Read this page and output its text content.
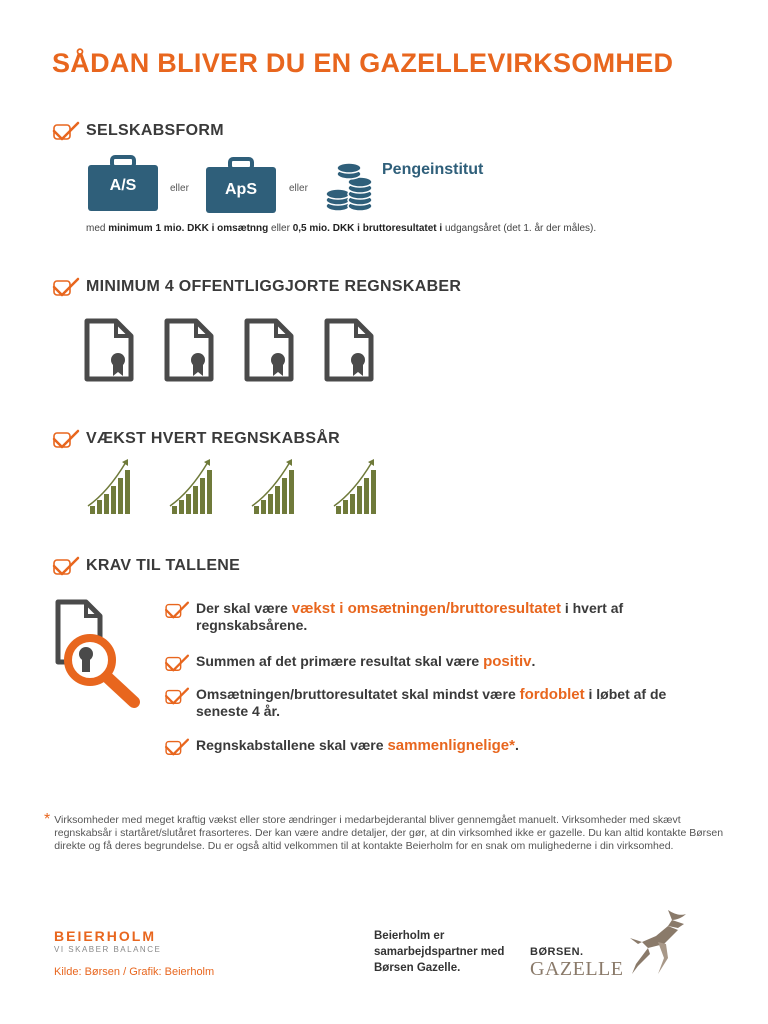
SÅDAN BLIVER DU EN GAZELLEVIRKSOMHED
SELSKABSFORM
A/S	eller	ApS	eller
Pengeinstitut
med minimum 1 mio. DKK i omsætnng eller 0,5 mio. DKK i bruttoresultatet i udgangsåret (det 1. år der måles).
MINIMUM 4 OFFENTLIGGJORTE REGNSKABER
VÆKST HVERT REGNSKABSÅR
KRAV TIL TALLENE
Der skal være vækst i omsætningen/bruttoresultatet i hvert af regnskabsårene.
Summen af det primære resultat skal være positiv.
Omsætningen/bruttoresultatet skal mindst være fordoblet i løbet af de seneste 4 år.
Regnskabstallene skal være sammenlignelige*.
* Virksomheder med meget kraftig vækst eller store ændringer i medarbejderantal bliver gennemgået manuelt. Virksomheder med skævt regnskabsår i startåret/slutåret frasorteres. Der kan være andre detaljer, der gør, at din virksomhed ikke er gazelle. Du kan altid kontakte Børsen direkte og få deres begrundelse. Du er også altid velkommen til at kontakte Beierholm for en snak om mulighederne i din virksomhed.
BEIERHOLM
VI SKABER BALANCE
Kilde: Børsen / Grafik: Beierholm
Beierholm er samarbejdspartner med Børsen Gazelle.
BØRSEN.
GAZELLE
